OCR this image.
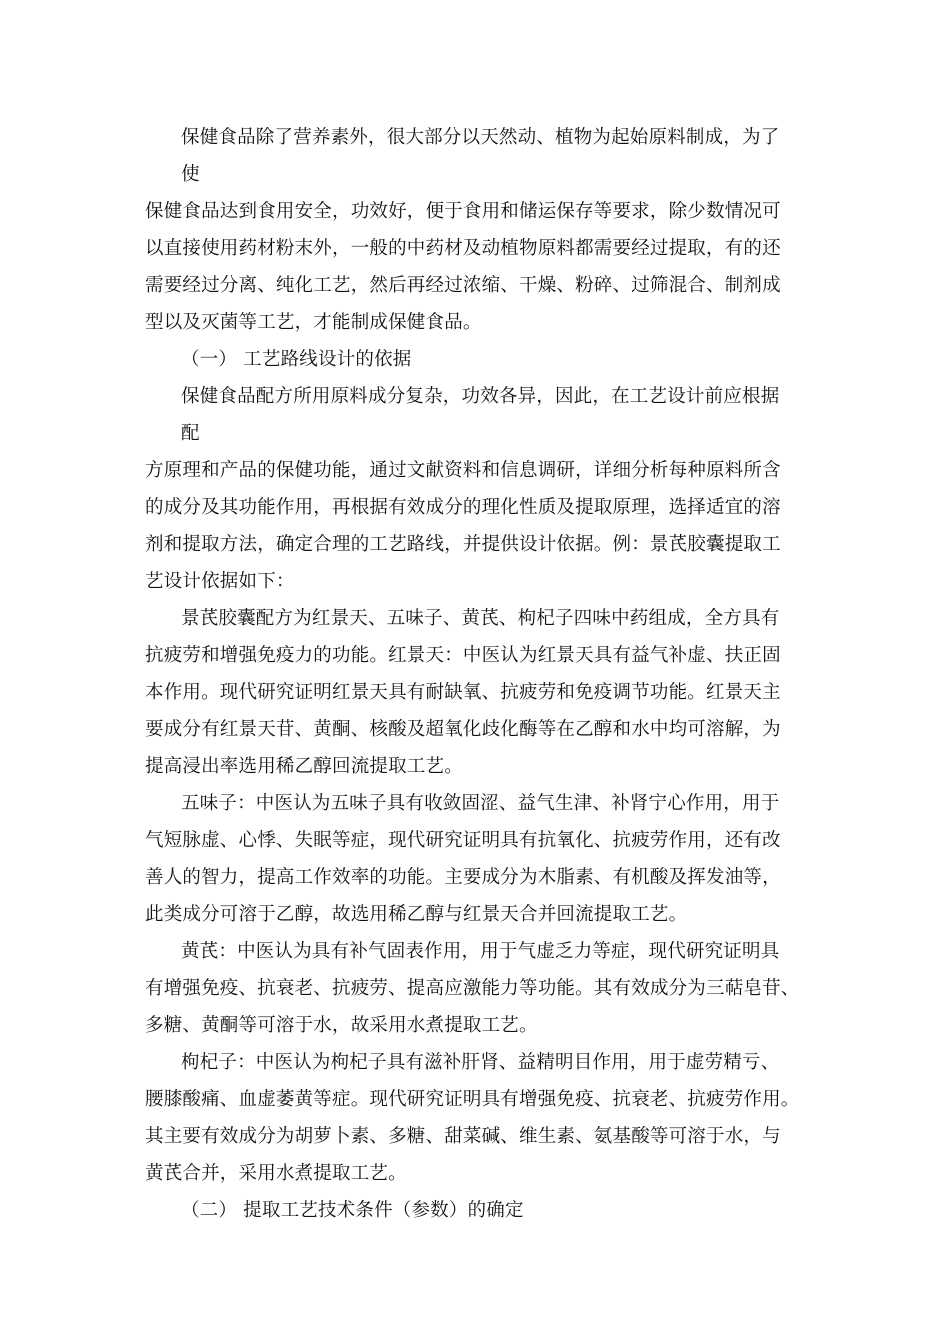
保健食品除了营养素外，很大部分以天然动、植物为起始原料制成，为了
使
保健食品达到食用安全，功效好，便于食用和储运保存等要求，除少数情况可
以直接使用药材粉末外，一般的中药材及动植物原料都需要经过提取，有的还
需要经过分离、纯化工艺，然后再经过浓缩、干燥、粉碎、过筛混合、制剂成
型以及灭菌等工艺，才能制成保健食品。
（一） 工艺路线设计的依据
保健食品配方所用原料成分复杂，功效各异，因此，在工艺设计前应根据
配
方原理和产品的保健功能，通过文献资料和信息调研，详细分析每种原料所含
的成分及其功能作用，再根据有效成分的理化性质及提取原理，选择适宜的溶
剂和提取方法，确定合理的工艺路线，并提供设计依据。例：景芪胶囊提取工
艺设计依据如下：
景芪胶囊配方为红景天、五味子、黄芪、枸杞子四味中药组成，全方具有
抗疲劳和增强免疫力的功能。红景天：中医认为红景天具有益气补虚、扶正固
本作用。现代研究证明红景天具有耐缺氧、抗疲劳和免疫调节功能。红景天主
要成分有红景天苷、黄酮、核酸及超氧化歧化酶等在乙醇和水中均可溶解，为
提高浸出率选用稀乙醇回流提取工艺。
五味子：中医认为五味子具有收敛固涩、益气生津、补肾宁心作用，用于
气短脉虚、心悸、失眠等症，现代研究证明具有抗氧化、抗疲劳作用，还有改
善人的智力，提高工作效率的功能。主要成分为木脂素、有机酸及挥发油等，
此类成分可溶于乙醇，故选用稀乙醇与红景天合并回流提取工艺。
黄芪：中医认为具有补气固表作用，用于气虚乏力等症，现代研究证明具
有增强免疫、抗衰老、抗疲劳、提高应激能力等功能。其有效成分为三萜皂苷、
多糖、黄酮等可溶于水，故采用水煮提取工艺。
枸杞子：中医认为枸杞子具有滋补肝肾、益精明目作用，用于虚劳精亏、
腰膝酸痛、血虚萎黄等症。现代研究证明具有增强免疫、抗衰老、抗疲劳作用。
其主要有效成分为胡萝卜素、多糖、甜菜碱、维生素、氨基酸等可溶于水，与
黄芪合并，采用水煮提取工艺。
（二） 提取工艺技术条件（参数）的确定
